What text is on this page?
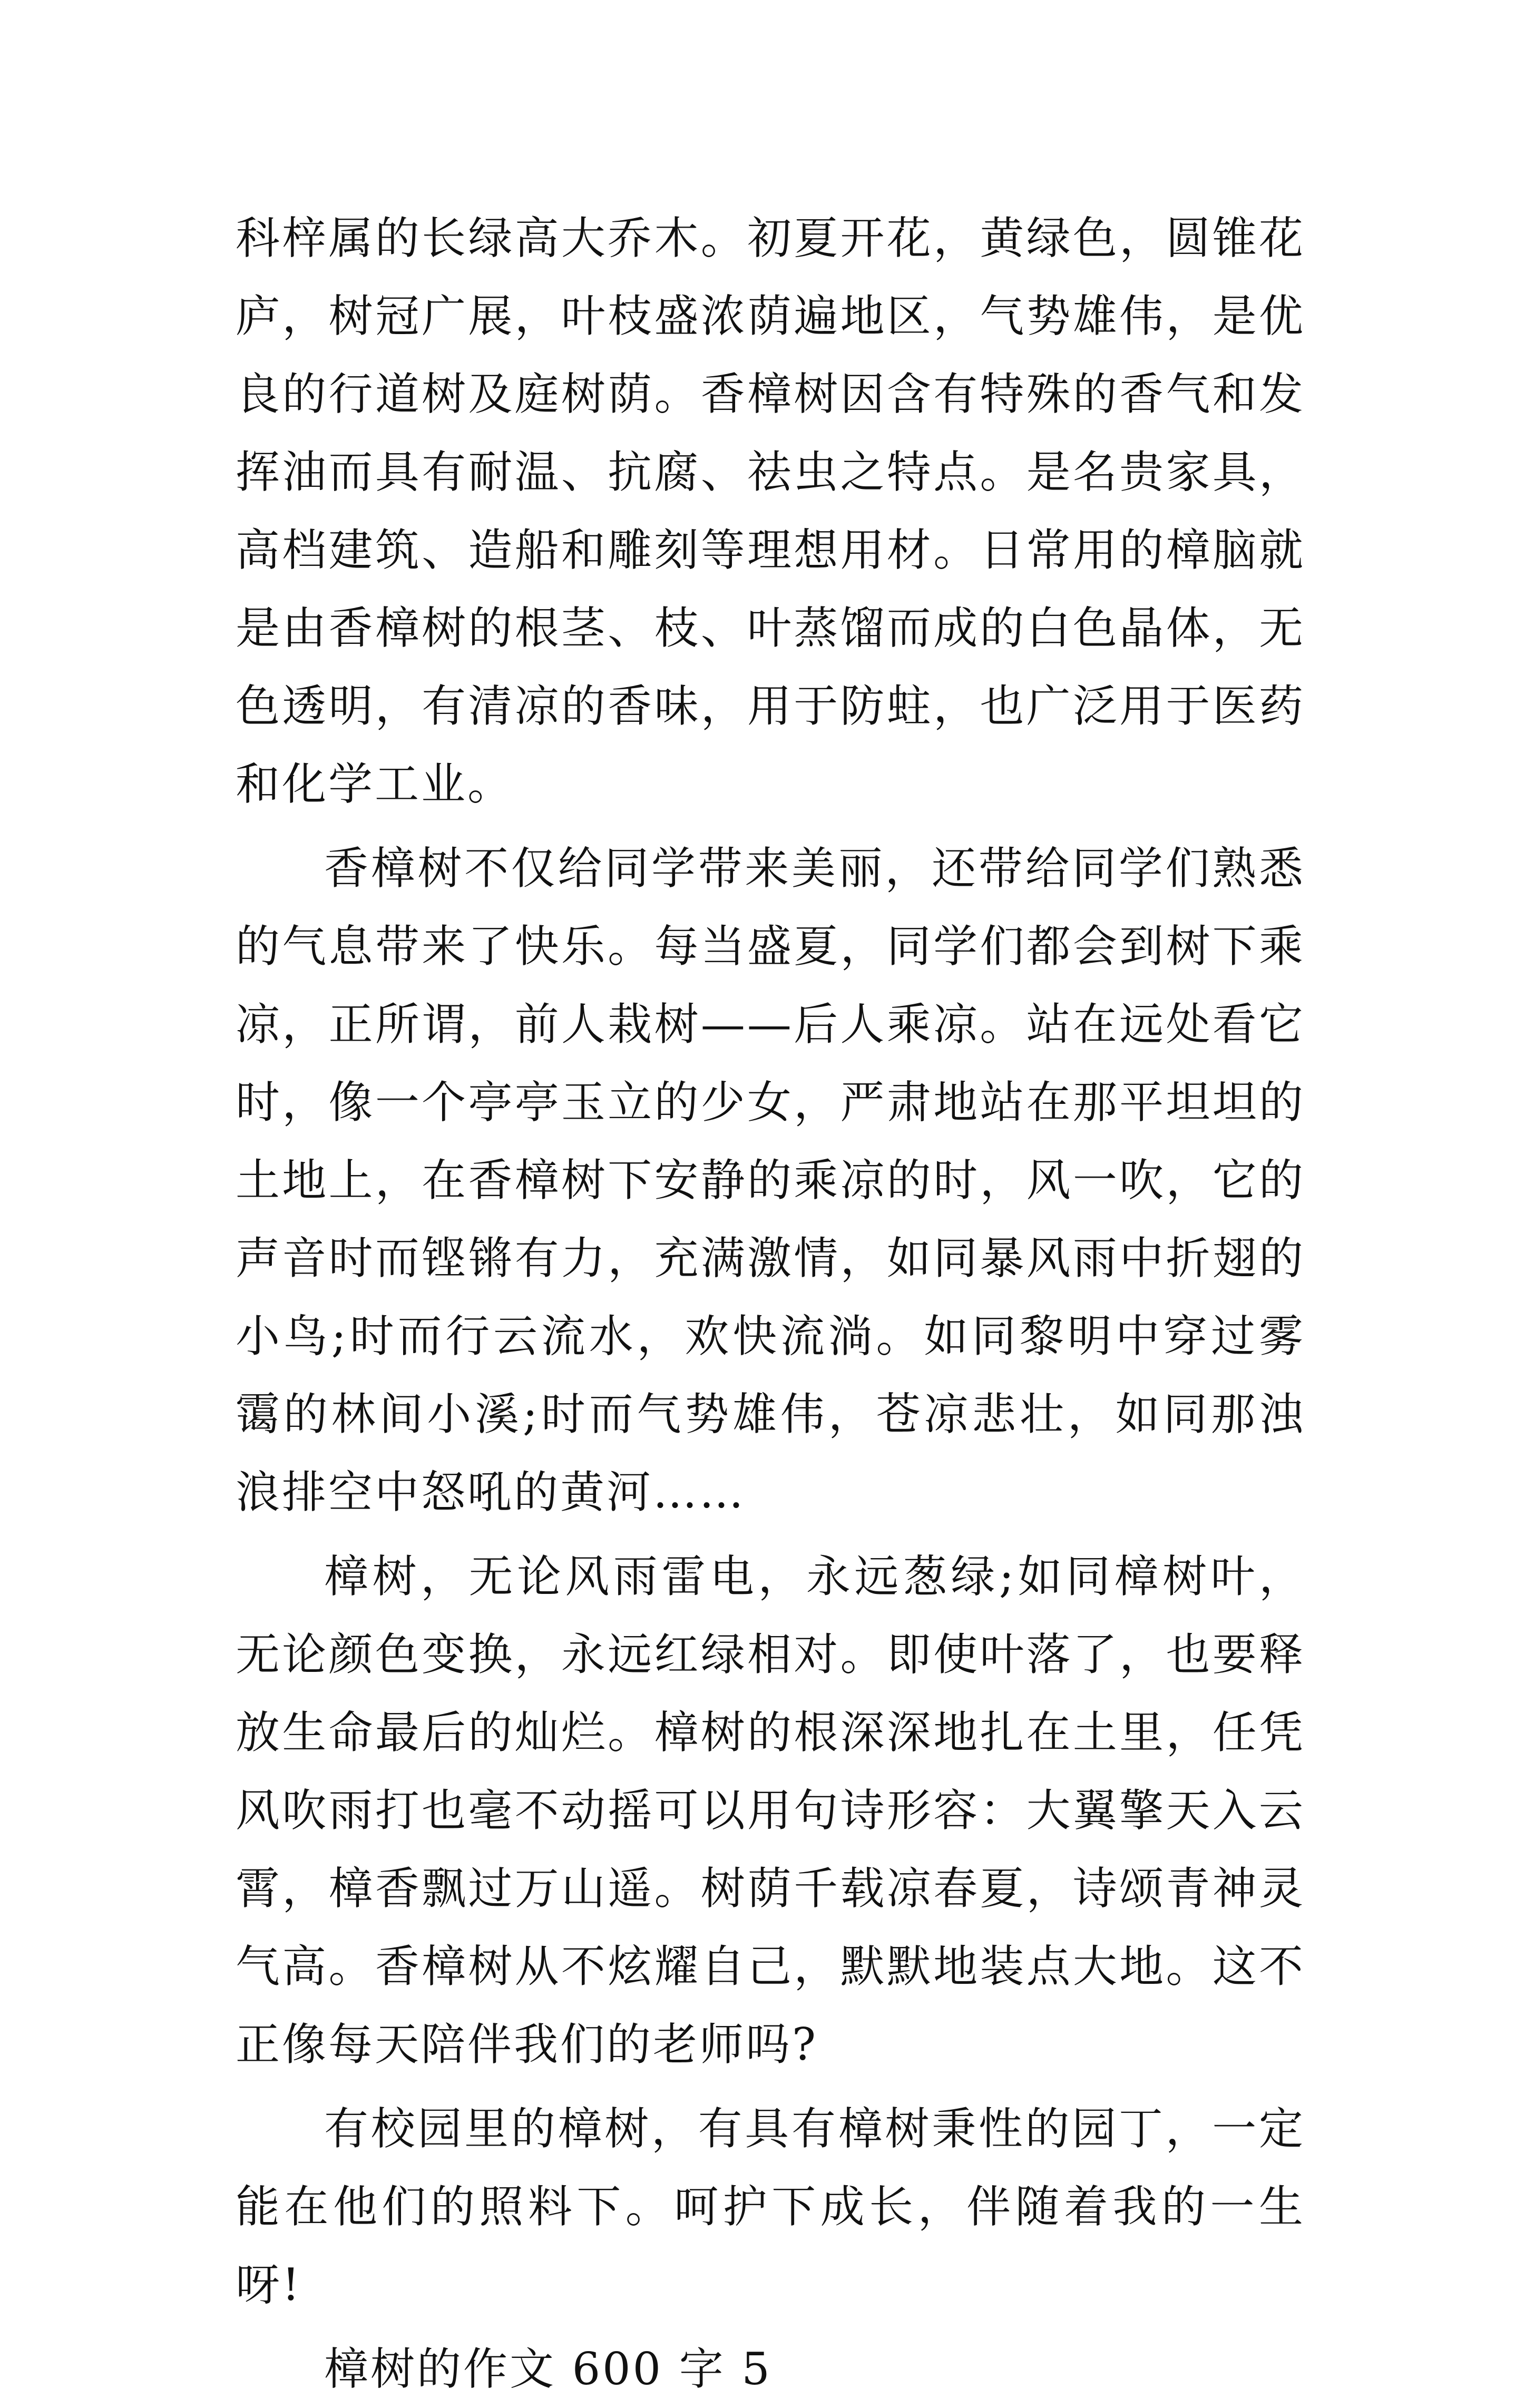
科梓属的长绿高大乔木。初夏开花，黄绿色，圆锥花庐，树冠广展，叶枝盛浓荫遍地区，气势雄伟，是优良的行道树及庭树荫。香樟树因含有特殊的香气和发挥油而具有耐温、抗腐、祛虫之特点。是名贵家具，高档建筑、造船和雕刻等理想用材。日常用的樟脑就是由香樟树的根茎、枝、叶蒸馏而成的白色晶体，无色透明，有清凉的香味，用于防蛀，也广泛用于医药和化学工业。

香樟树不仅给同学带来美丽，还带给同学们熟悉的气息带来了快乐。每当盛夏，同学们都会到树下乘凉，正所谓，前人栽树——后人乘凉。站在远处看它时，像一个亭亭玉立的少女，严肃地站在那平坦坦的土地上，在香樟树下安静的乘凉的时，风一吹，它的声音时而铿锵有力，充满激情，如同暴风雨中折翅的小鸟;时而行云流水，欢快流淌。如同黎明中穿过雾霭的林间小溪;时而气势雄伟，苍凉悲壮，如同那浊浪排空中怒吼的黄河……

樟树，无论风雨雷电，永远葱绿;如同樟树叶，无论颜色变换，永远红绿相对。即使叶落了，也要释放生命最后的灿烂。樟树的根深深地扎在土里，任凭风吹雨打也毫不动摇可以用句诗形容：大翼擎天入云霄，樟香飘过万山遥。树荫千载凉春夏，诗颂青神灵气高。香樟树从不炫耀自己，默默地装点大地。这不正像每天陪伴我们的老师吗?

有校园里的樟树，有具有樟树秉性的园丁，一定能在他们的照料下。呵护下成长，伴随着我的一生呀!

樟树的作文 600 字 5
